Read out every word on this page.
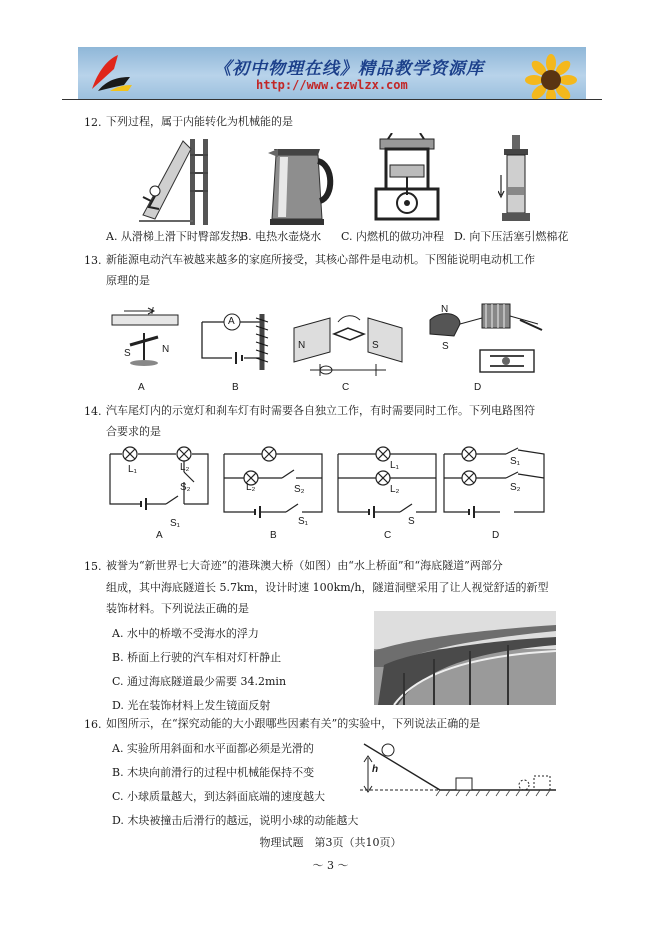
《初中物理在线》精品教学资源库
http://www.czwlzx.com
12. 下列过程，属于内能转化为机械能的是
A. 从滑梯上滑下时臀部发热
B. 电热水壶烧水 C. 内燃机的做功冲程 D. 向下压活塞引燃棉花
13. 新能源电动汽车被越来越多的家庭所接受，其核心部件是电动机。下图能说明电动机工作
原理的是
I
S	N
A
N	S
N
S
A	B	C	D
14. 汽车尾灯内的示宽灯和刹车灯有时需要各自独立工作，有时需要同时工作。下列电路图符
合要求的是
L₁	L₂
S₂
S₁
L₂	S₂
S₁
L₁
L₂
S
S₁
S₂
A	B	C	D
15. 被誉为“新世界七大奇迹”的港珠澳大桥（如图）由“水上桥面”和“海底隧道”两部分
组成，其中海底隧道长 5.7km，设计时速 100km/h，隧道洞壁采用了让人视觉舒适的新型
装饰材料。下列说法正确的是
A. 水中的桥墩不受海水的浮力
B. 桥面上行驶的汽车相对灯杆静止
C. 通过海底隧道最少需要 34.2min
D. 光在装饰材料上发生镜面反射
16. 如图所示，在“探究动能的大小跟哪些因素有关”的实验中，下列说法正确的是
A. 实验所用斜面和水平面都必须是光滑的
B. 木块向前滑行的过程中机械能保持不变
C. 小球质量越大，到达斜面底端的速度越大
D. 木块被撞击后滑行的越远，说明小球的动能越大
h
物理试题　第3页（共10页）
～ 3 ～
